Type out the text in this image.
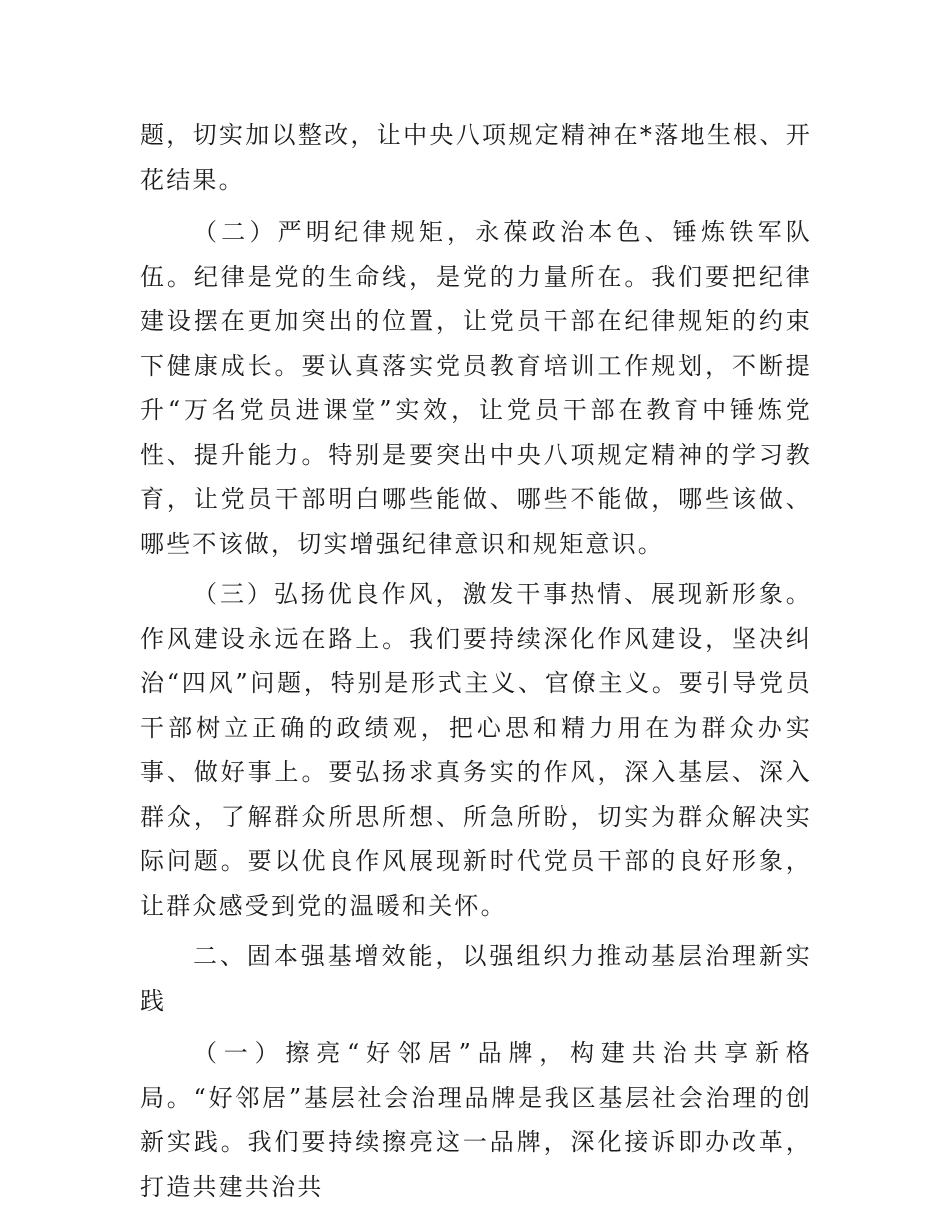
题，切实加以整改，让中央八项规定精神在*落地生根、开花结果。

（二）严明纪律规矩，永葆政治本色、锤炼铁军队伍。纪律是党的生命线，是党的力量所在。我们要把纪律建设摆在更加突出的位置，让党员干部在纪律规矩的约束下健康成长。要认真落实党员教育培训工作规划，不断提升“万名党员进课堂”实效，让党员干部在教育中锤炼党性、提升能力。特别是要突出中央八项规定精神的学习教育，让党员干部明白哪些能做、哪些不能做，哪些该做、哪些不该做，切实增强纪律意识和规矩意识。

（三）弘扬优良作风，激发干事热情、展现新形象。作风建设永远在路上。我们要持续深化作风建设，坚决纠治“四风”问题，特别是形式主义、官僚主义。要引导党员干部树立正确的政绩观，把心思和精力用在为群众办实事、做好事上。要弘扬求真务实的作风，深入基层、深入群众，了解群众所思所想、所急所盼，切实为群众解决实际问题。要以优良作风展现新时代党员干部的良好形象，让群众感受到党的温暖和关怀。

二、固本强基增效能，以强组织力推动基层治理新实践

（一）擦亮“好邻居”品牌，构建共治共享新格局。“好邻居”基层社会治理品牌是我区基层社会治理的创新实践。我们要持续擦亮这一品牌，深化接诉即办改革，打造共建共治共
